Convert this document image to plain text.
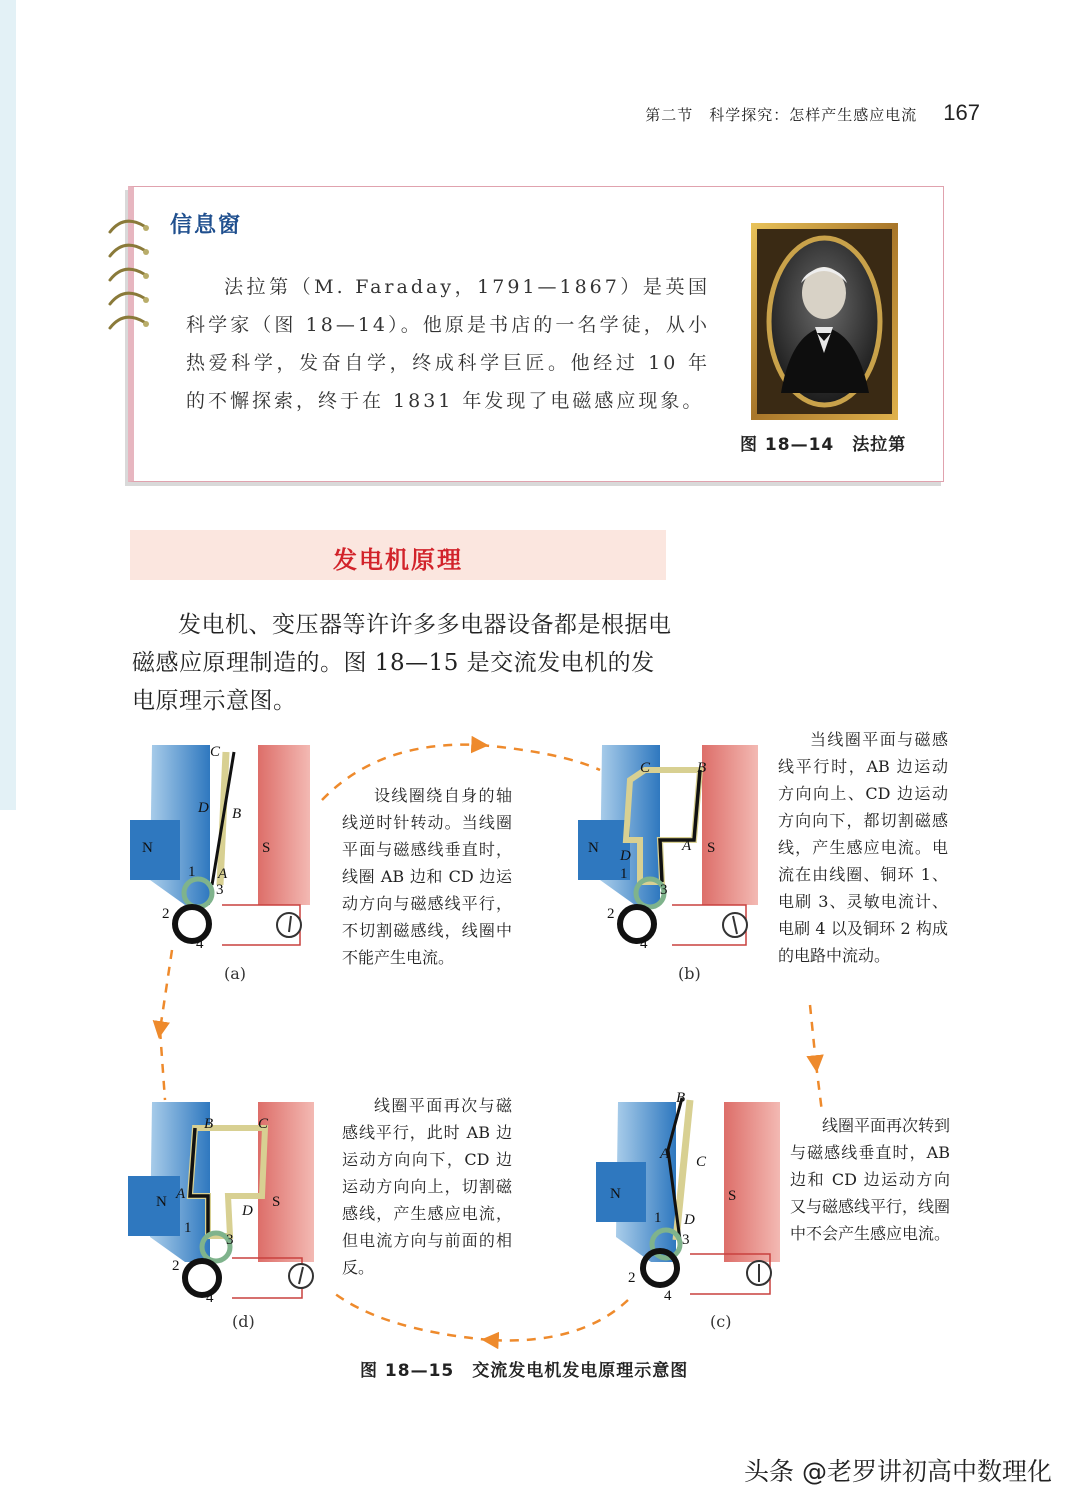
第二节　科学探究：怎样产生感应电流 167
信息窗
法拉第（M. Faraday，1791—1867）是英国科学家（图 18—14）。他原是书店的一名学徒，从小热爱科学，发奋自学，终成科学巨匠。他经过 10 年的不懈探索，终于在 1831 年发现了电磁感应现象。
图 18—14　法拉第
发电机原理
发电机、变压器等许许多多电器设备都是根据电磁感应原理制造的。图 18—15 是交流发电机的发电原理示意图。
N	S
C
D B
A
1
3
2
4
N	S
C	B
D
A
1
3
2
4
N	S
B	C
A
D
1
3
2
4
N	S
B
A C
D
1
3
2
4
(a)	(b)
(d)	(c)
设线圈绕自身的轴线逆时针转动。当线圈平面与磁感线垂直时，线圈 AB 边和 CD 边运动方向与磁感线平行，不切割磁感线，线圈中不能产生电流。
当线圈平面与磁感线平行时，AB 边运动方向向上、CD 边运动方向向下，都切割磁感线，产生感应电流。电流在由线圈、铜环 1、电刷 3、灵敏电流计、电刷 4 以及铜环 2 构成的电路中流动。
线圈平面再次与磁感线平行，此时 AB 边运动方向向下，CD 边运动方向向上，切割磁感线，产生感应电流，但电流方向与前面的相反。
线圈平面再次转到与磁感线垂直时，AB 边和 CD 边运动方向又与磁感线平行，线圈中不会产生感应电流。
图 18—15　交流发电机发电原理示意图
头条 @老罗讲初高中数理化
